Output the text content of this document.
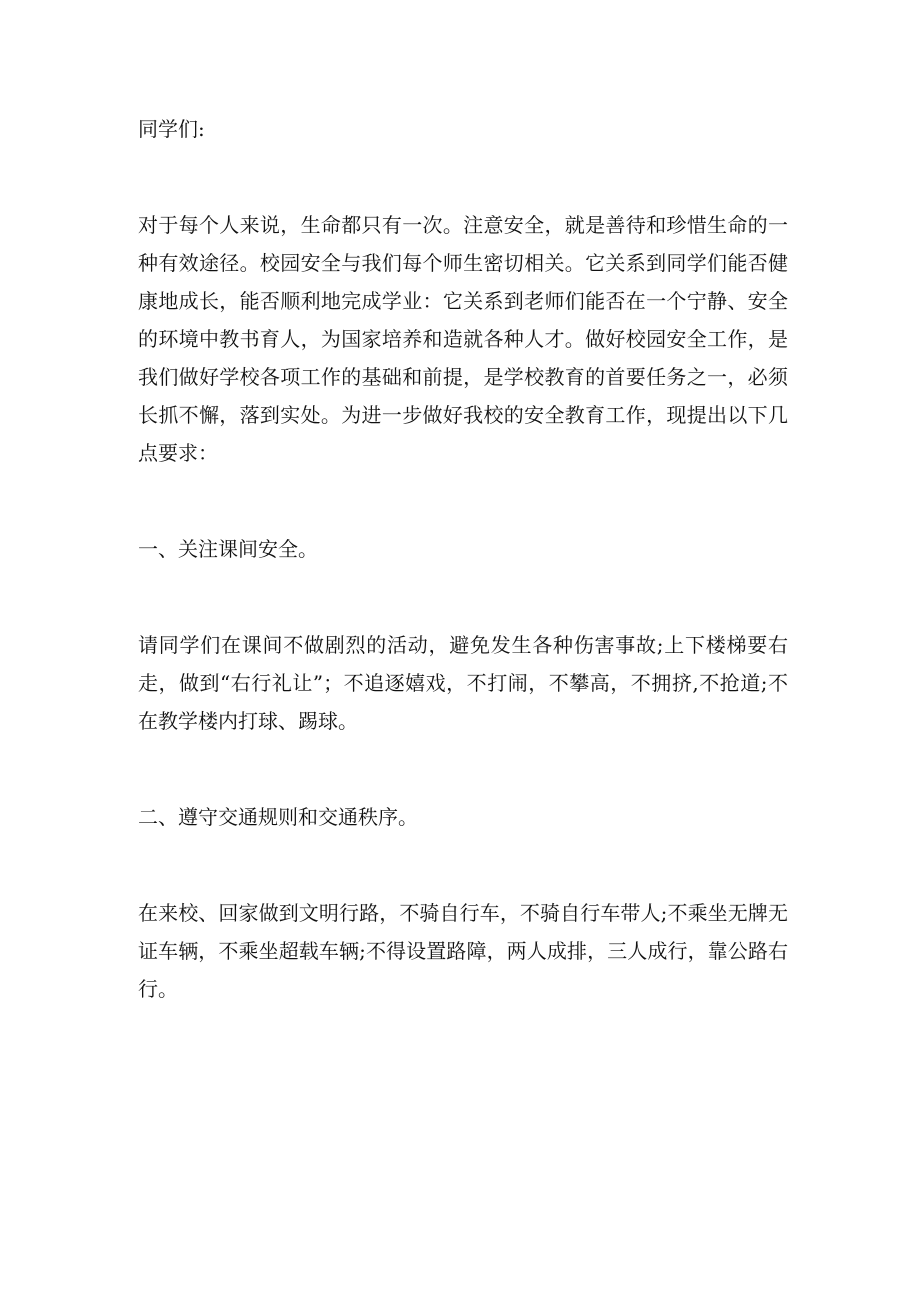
同学们:

对于每个人来说，生命都只有一次。注意安全，就是善待和珍惜生命的一种有效途径。校园安全与我们每个师生密切相关。它关系到同学们能否健康地成长，能否顺利地完成学业：它关系到老师们能否在一个宁静、安全的环境中教书育人，为国家培养和造就各种人才。做好校园安全工作，是我们做好学校各项工作的基础和前提，是学校教育的首要任务之一，必须长抓不懈，落到实处。为进一步做好我校的安全教育工作，现提出以下几点要求：

一、关注课间安全。

请同学们在课间不做剧烈的活动，避免发生各种伤害事故;上下楼梯要右走，做到“右行礼让”；不追逐嬉戏，不打闹，不攀高，不拥挤,不抢道;不在教学楼内打球、踢球。

二、遵守交通规则和交通秩序。

在来校、回家做到文明行路，不骑自行车，不骑自行车带人;不乘坐无牌无证车辆，不乘坐超载车辆;不得设置路障，两人成排，三人成行，靠公路右行。
